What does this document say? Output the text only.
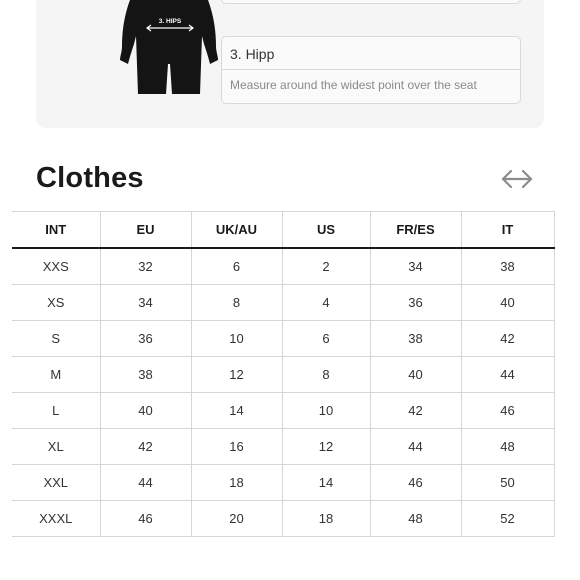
3. HIPS
3. Hipp
Measure around the widest point over the seat
Clothes
INT	EU	UK/AU	US	FR/ES	IT
XXS	32	6	2	34	38
XS	34	8	4	36	40
S	36	10	6	38	42
M	38	12	8	40	44
L	40	14	10	42	46
XL	42	16	12	44	48
XXL	44	18	14	46	50
XXXL	46	20	18	48	52
